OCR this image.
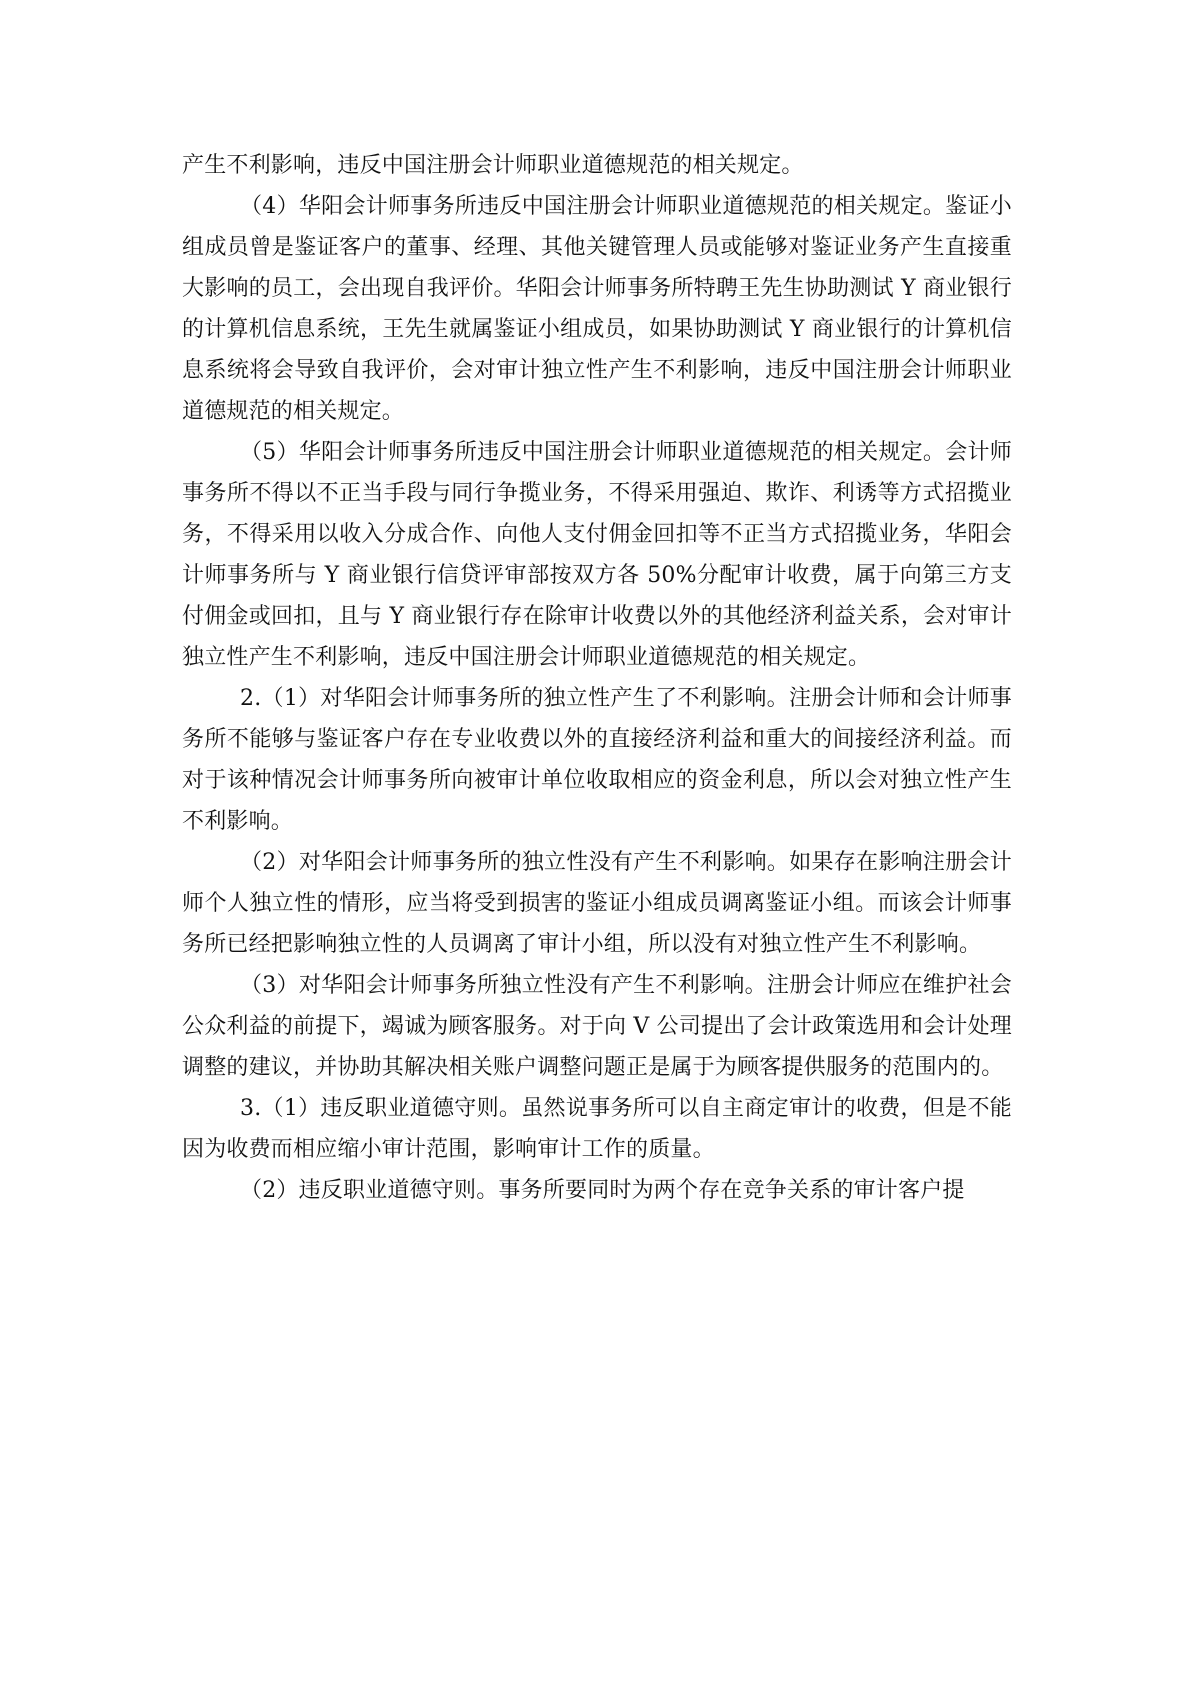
产生不利影响，违反中国注册会计师职业道德规范的相关规定。

（4）华阳会计师事务所违反中国注册会计师职业道德规范的相关规定。鉴证小组成员曾是鉴证客户的董事、经理、其他关键管理人员或能够对鉴证业务产生直接重大影响的员工，会出现自我评价。华阳会计师事务所特聘王先生协助测试 Y 商业银行的计算机信息系统，王先生就属鉴证小组成员，如果协助测试 Y 商业银行的计算机信息系统将会导致自我评价，会对审计独立性产生不利影响，违反中国注册会计师职业道德规范的相关规定。

（5）华阳会计师事务所违反中国注册会计师职业道德规范的相关规定。会计师事务所不得以不正当手段与同行争揽业务，不得采用强迫、欺诈、利诱等方式招揽业务，不得采用以收入分成合作、向他人支付佣金回扣等不正当方式招揽业务，华阳会计师事务所与 Y 商业银行信贷评审部按双方各 50%分配审计收费，属于向第三方支付佣金或回扣，且与 Y 商业银行存在除审计收费以外的其他经济利益关系，会对审计独立性产生不利影响，违反中国注册会计师职业道德规范的相关规定。

2.（1）对华阳会计师事务所的独立性产生了不利影响。注册会计师和会计师事务所不能够与鉴证客户存在专业收费以外的直接经济利益和重大的间接经济利益。而对于该种情况会计师事务所向被审计单位收取相应的资金利息，所以会对独立性产生不利影响。

（2）对华阳会计师事务所的独立性没有产生不利影响。如果存在影响注册会计师个人独立性的情形，应当将受到损害的鉴证小组成员调离鉴证小组。而该会计师事务所已经把影响独立性的人员调离了审计小组，所以没有对独立性产生不利影响。

（3）对华阳会计师事务所独立性没有产生不利影响。注册会计师应在维护社会公众利益的前提下，竭诚为顾客服务。对于向 V 公司提出了会计政策选用和会计处理调整的建议，并协助其解决相关账户调整问题正是属于为顾客提供服务的范围内的。

3.（1）违反职业道德守则。虽然说事务所可以自主商定审计的收费，但是不能因为收费而相应缩小审计范围，影响审计工作的质量。

（2）违反职业道德守则。事务所要同时为两个存在竞争关系的审计客户提
